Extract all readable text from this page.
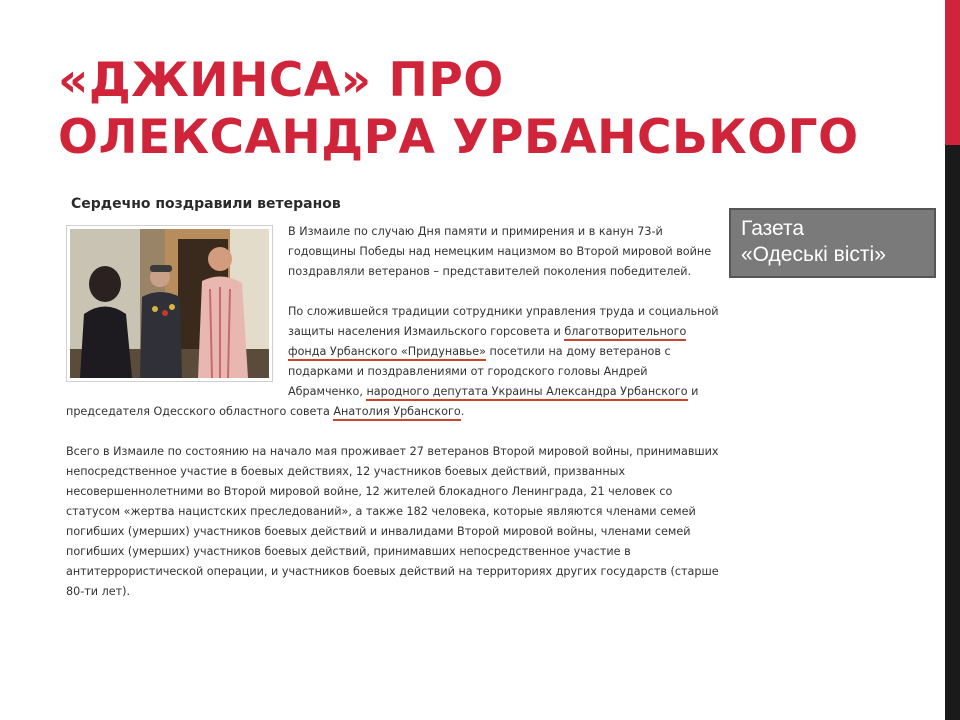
«ДЖИНСА» ПРО
ОЛЕКСАНДРА УРБАНСЬКОГО
Газета
«Одеські вісті»
Сердечно поздравили ветеранов

В Измаиле по случаю Дня памяти и примирения и в канун 73-й годовщины Победы над немецким нацизмом во Второй мировой войне поздравляли ветеранов – представителей поколения победителей.

По сложившейся традиции сотрудники управления труда и социальной защиты населения Измаильского горсовета и благотворительного фонда Урбанского «Придунавье» посетили на дому ветеранов с подарками и поздравлениями от городского головы Андрей Абрамченко, народного депутата Украины Александра Урбанского и председателя Одесского областного совета Анатолия Урбанского.

Всего в Измаиле по состоянию на начало мая проживает 27 ветеранов Второй мировой войны, принимавших непосредственное участие в боевых действиях, 12 участников боевых действий, призванных несовершеннолетними во Второй мировой войне, 12 жителей блокадного Ленинграда, 21 человек со статусом «жертва нацистских преследований», а также 182 человека, которые являются членами семей погибших (умерших) участников боевых действий и инвалидами Второй мировой войны, членами семей погибших (умерших) участников боевых действий, принимавших непосредственное участие в антитеррористической операции, и участников боевых действий на территориях других государств (старше 80-ти лет).
